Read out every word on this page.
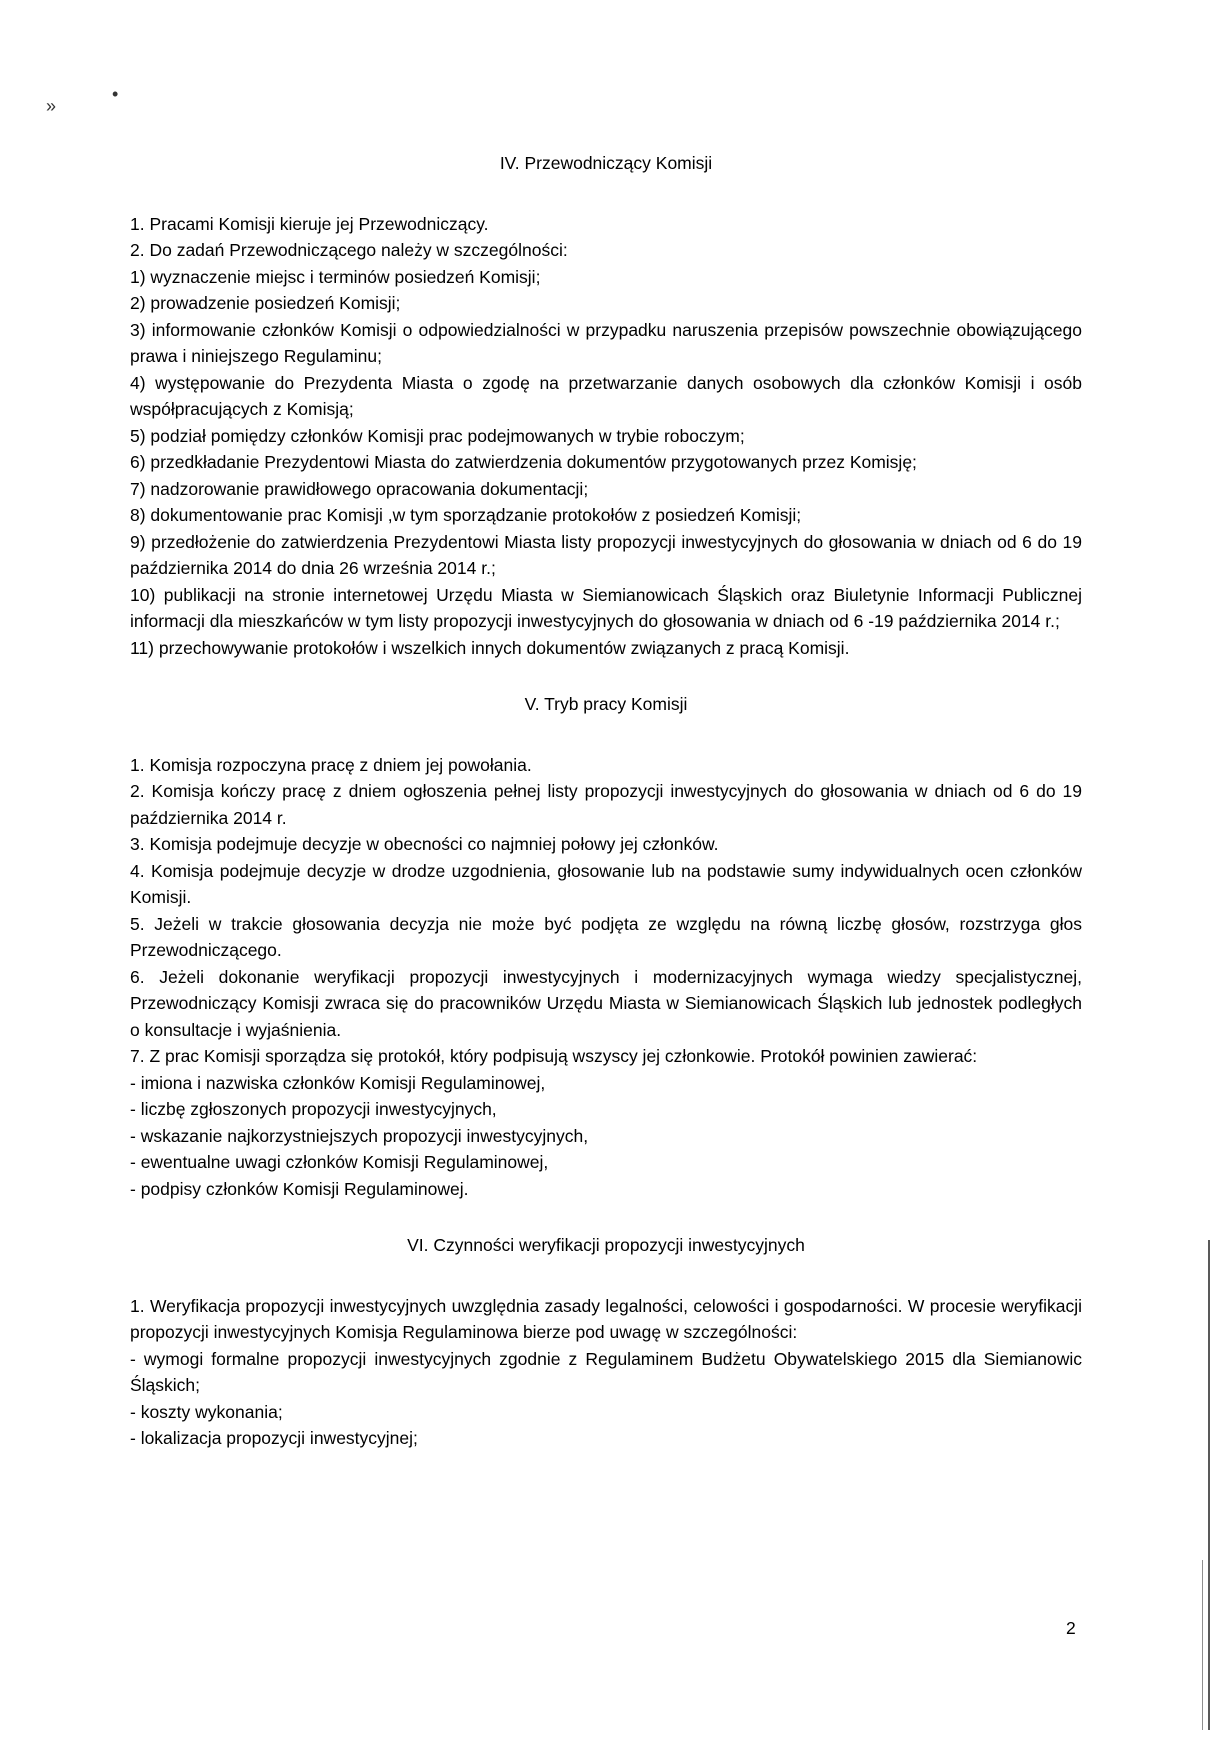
»
•

IV. Przewodniczący Komisji

1. Pracami Komisji kieruje jej Przewodniczący.

2. Do zadań Przewodniczącego należy w szczególności:

1) wyznaczenie miejsc i terminów posiedzeń Komisji;

2) prowadzenie posiedzeń Komisji;

3) informowanie członków Komisji o odpowiedzialności w przypadku naruszenia przepisów powszechnie obowiązującego prawa i niniejszego Regulaminu;

4) występowanie do Prezydenta Miasta o zgodę na przetwarzanie danych osobowych dla członków Komisji i osób współpracujących z Komisją;

5) podział pomiędzy członków Komisji prac podejmowanych w trybie roboczym;

6) przedkładanie Prezydentowi Miasta do zatwierdzenia dokumentów przygotowanych przez Komisję;

7) nadzorowanie prawidłowego opracowania dokumentacji;

8) dokumentowanie prac Komisji ,w tym sporządzanie protokołów z posiedzeń Komisji;

9) przedłożenie do zatwierdzenia Prezydentowi Miasta listy propozycji inwestycyjnych do głosowania w dniach od 6 do 19 października 2014 do dnia 26 września 2014 r.;

10) publikacji na stronie internetowej Urzędu Miasta w Siemianowicach Śląskich oraz Biuletynie Informacji Publicznej informacji dla mieszkańców w tym listy propozycji inwestycyjnych do głosowania w dniach od 6 -19 października 2014 r.;

11) przechowywanie protokołów i wszelkich innych dokumentów związanych z pracą Komisji.

V. Tryb pracy Komisji

1. Komisja rozpoczyna pracę z dniem jej powołania.

2. Komisja kończy pracę z dniem ogłoszenia pełnej listy propozycji inwestycyjnych do głosowania w dniach od 6 do 19 października 2014 r.

3. Komisja podejmuje decyzje w obecności co najmniej połowy jej członków.

4. Komisja podejmuje decyzje w drodze uzgodnienia, głosowanie lub na podstawie sumy indywidualnych ocen członków Komisji.

5. Jeżeli w trakcie głosowania decyzja nie może być podjęta ze względu na równą liczbę głosów, rozstrzyga głos Przewodniczącego.

6. Jeżeli dokonanie weryfikacji propozycji inwestycyjnych i modernizacyjnych wymaga wiedzy specjalistycznej, Przewodniczący Komisji zwraca się do pracowników Urzędu Miasta w Siemianowicach Śląskich lub jednostek podległych o konsultacje i wyjaśnienia.

7. Z prac Komisji sporządza się protokół, który podpisują wszyscy jej członkowie. Protokół powinien zawierać:

- imiona i nazwiska członków Komisji Regulaminowej,

- liczbę zgłoszonych propozycji inwestycyjnych,

- wskazanie najkorzystniejszych propozycji inwestycyjnych,

- ewentualne uwagi członków Komisji Regulaminowej,

- podpisy członków Komisji Regulaminowej.

VI. Czynności weryfikacji propozycji inwestycyjnych

1. Weryfikacja propozycji inwestycyjnych uwzględnia zasady legalności, celowości i gospodarności. W procesie weryfikacji propozycji inwestycyjnych Komisja Regulaminowa bierze pod uwagę w szczególności:

- wymogi formalne propozycji inwestycyjnych zgodnie z Regulaminem Budżetu Obywatelskiego 2015 dla Siemianowic Śląskich;

- koszty wykonania;

- lokalizacja propozycji inwestycyjnej;

2
